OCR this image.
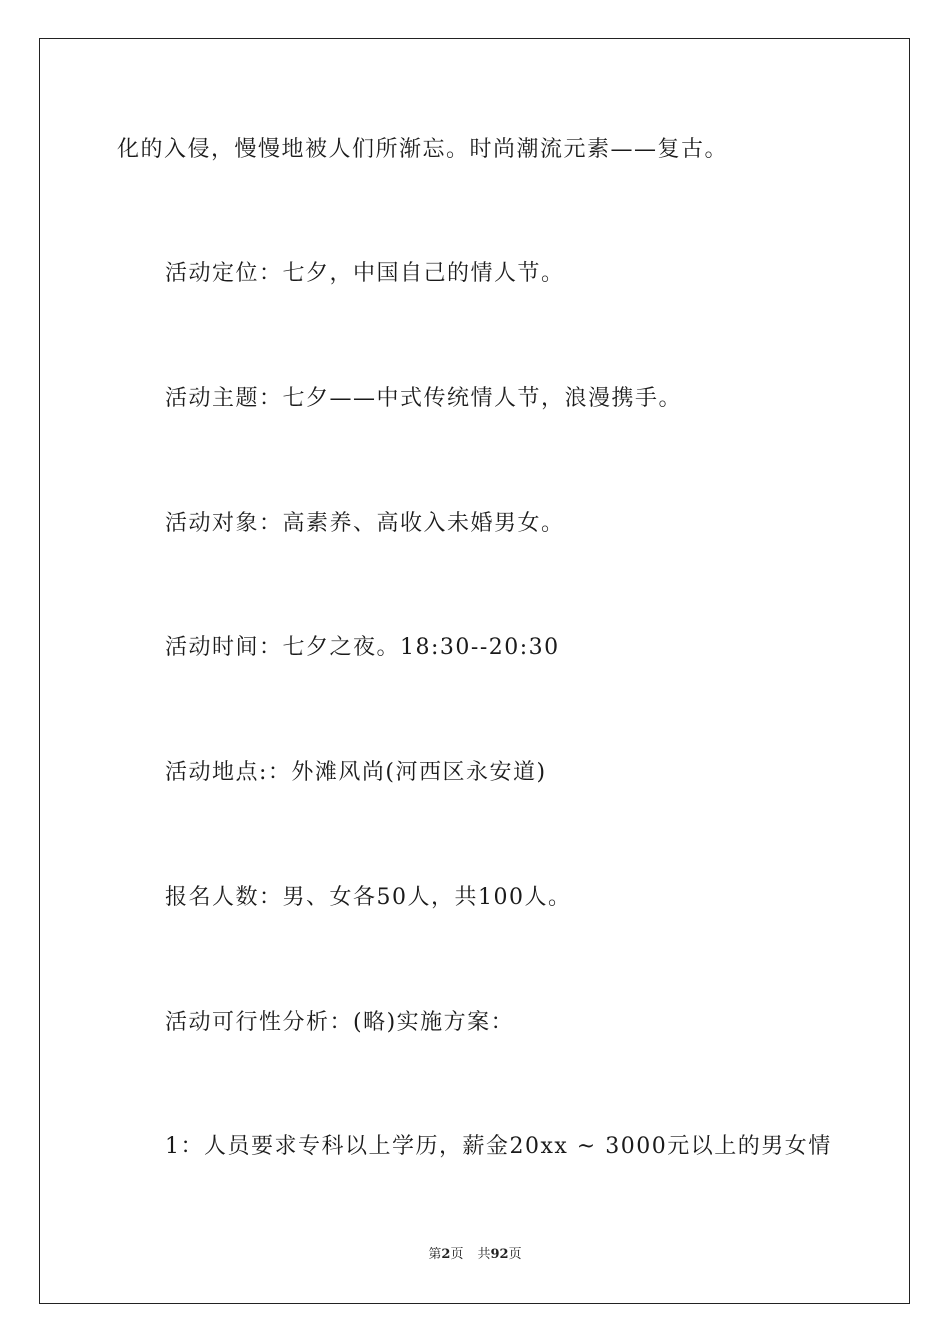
化的入侵，慢慢地被人们所渐忘。时尚潮流元素——复古。
活动定位：七夕，中国自己的情人节。
活动主题：七夕——中式传统情人节，浪漫携手。
活动对象：高素养、高收入未婚男女。
活动时间：七夕之夜。18:30--20:30
活动地点:：外滩风尚(河西区永安道)
报名人数：男、女各50人，共100人。
活动可行性分析：(略)实施方案：
1：人员要求专科以上学历，薪金20xx ~ 3000元以上的男女情
第2页 共92页
